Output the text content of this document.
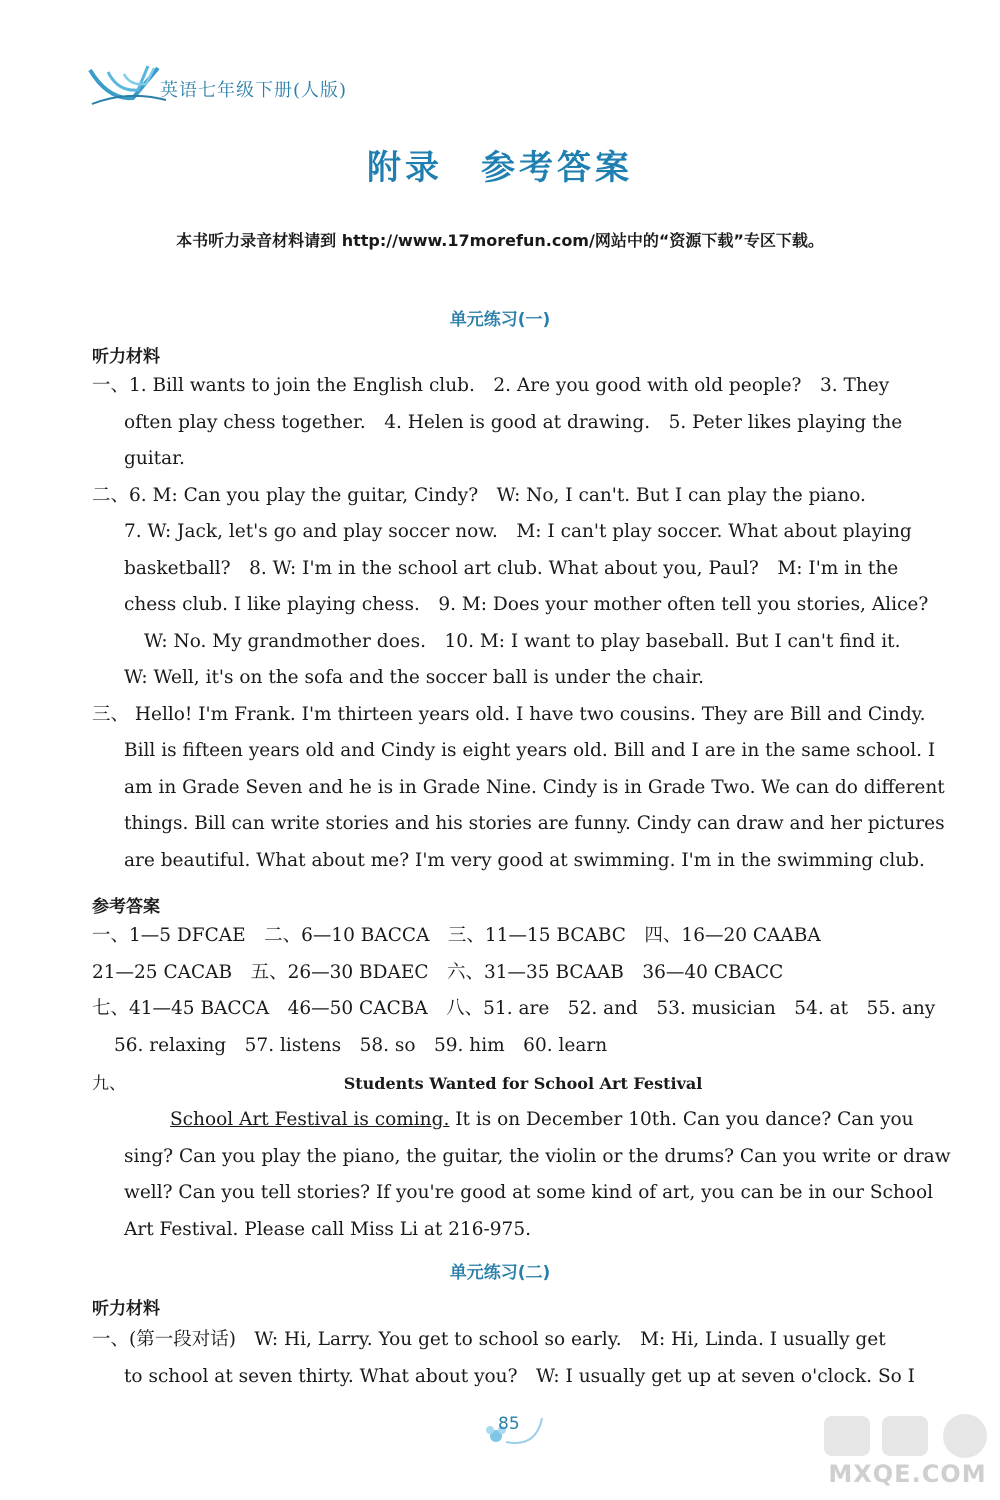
英语七年级下册(人版)
附录　参考答案
本书听力录音材料请到 http://www.17morefun.com/网站中的“资源下载”专区下载。
单元练习(一)
听力材料
一、1. Bill wants to join the English club.　2. Are you good with old people?　3. They
often play chess together.　4. Helen is good at drawing.　5. Peter likes playing the guitar.
二、6. M: Can you play the guitar, Cindy?　W: No, I can't. But I can play the piano.
7. W: Jack, let's go and play soccer now.　M: I can't play soccer. What about playing basketball?　8. W: I'm in the school art club. What about you, Paul?　M: I'm in the chess club. I like playing chess.　9. M: Does your mother often tell you stories, Alice? W: No. My grandmother does.　10. M: I want to play baseball. But I can't find it. W: Well, it's on the sofa and the soccer ball is under the chair.
三、 Hello! I'm Frank. I'm thirteen years old. I have two cousins. They are Bill and Cindy.
Bill is fifteen years old and Cindy is eight years old. Bill and I are in the same school. I am in Grade Seven and he is in Grade Nine. Cindy is in Grade Two. We can do different things. Bill can write stories and his stories are funny. Cindy can draw and her pictures are beautiful. What about me? I'm very good at swimming. I'm in the swimming club.
参考答案
一、1—5 DFCAE　二、6—10 BACCA　三、11—15 BCABC　四、16—20 CAABA
21—25 CACAB　五、26—30 BDAEC　六、31—35 BCAAB　36—40 CBACC
七、41—45 BACCA　46—50 CACBA　八、51. are　52. and　53. musician　54. at　55. any
56. relaxing　57. listens　58. so　59. him　60. learn
九、	Students Wanted for School Art Festival
School Art Festival is coming. It is on December 10th. Can you dance? Can you
sing? Can you play the piano, the guitar, the violin or the drums? Can you write or draw well? Can you tell stories? If you're good at some kind of art, you can be in our School Art Festival. Please call Miss Li at 216-975.
单元练习(二)
听力材料
一、(第一段对话)　W: Hi, Larry. You get to school so early.　M: Hi, Linda. I usually get
to school at seven thirty. What about you?　W: I usually get up at seven o'clock. So I
85
MXQE.COM
